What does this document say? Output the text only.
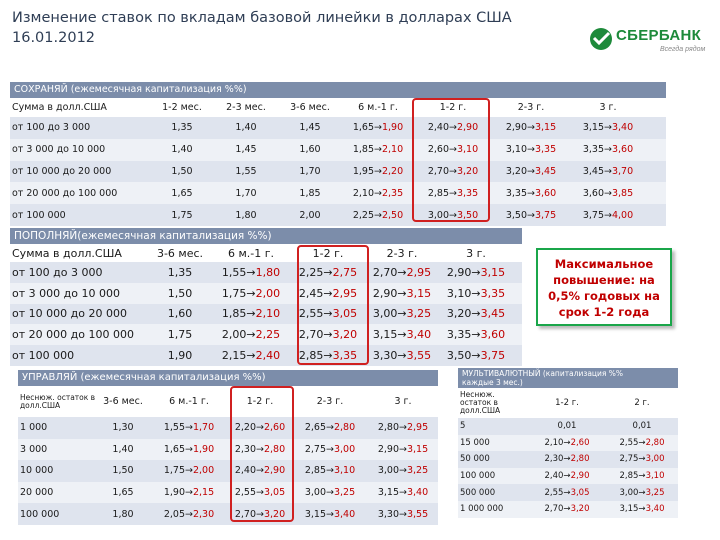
Изменение ставок по вкладам базовой линейки в долларах США
16.01.2012	СБЕРБАНК
Всегда рядом
СОХРАНЯЙ (ежемесячная капитализация %%)
Сумма в долл.США	1-2 мес.	2-3 мес.	3-6 мес.	6 м.-1 г.	1-2 г.	2-3 г.	3 г.
от 100 до 3 000	1,35	1,40	1,45	1,65→1,90	2,40→2,90	2,90→3,15	3,15→3,40
от 3 000 до 10 000	1,40	1,45	1,60	1,85→2,10	2,60→3,10	3,10→3,35	3,35→3,60
от 10 000 до 20 000	1,50	1,55	1,70	1,95→2,20	2,70→3,20	3,20→3,45	3,45→3,70
от 20 000 до 100 000	1,65	1,70	1,85	2,10→2,35	2,85→3,35	3,35→3,60	3,60→3,85
от 100 000	1,75	1,80	2,00	2,25→2,50	3,00→3,50	3,50→3,75	3,75→4,00
ПОПОЛНЯЙ(ежемесячная капитализация %%)
Сумма в долл.США	3-6 мес.	6 м.-1 г.	1-2 г.	2-3 г.	3 г.
от 100 до 3 000	1,35	1,55→1,80	2,25→2,75	2,70→2,95	2,90→3,15
от 3 000 до 10 000	1,50	1,75→2,00	2,45→2,95	2,90→3,15	3,10→3,35
от 10 000 до 20 000	1,60	1,85→2,10	2,55→3,05	3,00→3,25	3,20→3,45
от 20 000 до 100 000	1,75	2,00→2,25	2,70→3,20	3,15→3,40	3,35→3,60
от 100 000	1,90	2,15→2,40	2,85→3,35	3,30→3,55	3,50→3,75
Максимальное
повышение: на
0,5% годовых на
срок 1-2 года
УПРАВЛЯЙ (ежемесячная капитализация %%)
Неснюж. остаток в долл.США	3-6 мес.	6 м.-1 г.	1-2 г.	2-3 г.	3 г.
1 000	1,30	1,55→1,70	2,20→2,60	2,65→2,80	2,80→2,95
3 000	1,40	1,65→1,90	2,30→2,80	2,75→3,00	2,90→3,15
10 000	1,50	1,75→2,00	2,40→2,90	2,85→3,10	3,00→3,25
20 000	1,65	1,90→2,15	2,55→3,05	3,00→3,25	3,15→3,40
100 000	1,80	2,05→2,30	2,70→3,20	3,15→3,40	3,30→3,55
МУЛЬТИВАЛЮТНЫЙ (капитализация %%
каждые 3 мес.)
Неснюж. остаток в долл.США
1-2 г.	2 г.
5	0,01	0,01
15 000	2,10→2,60	2,55→2,80
50 000	2,30→2,80	2,75→3,00
100 000	2,40→2,90	2,85→3,10
500 000	2,55→3,05	3,00→3,25
1 000 000	2,70→3,20	3,15→3,40
